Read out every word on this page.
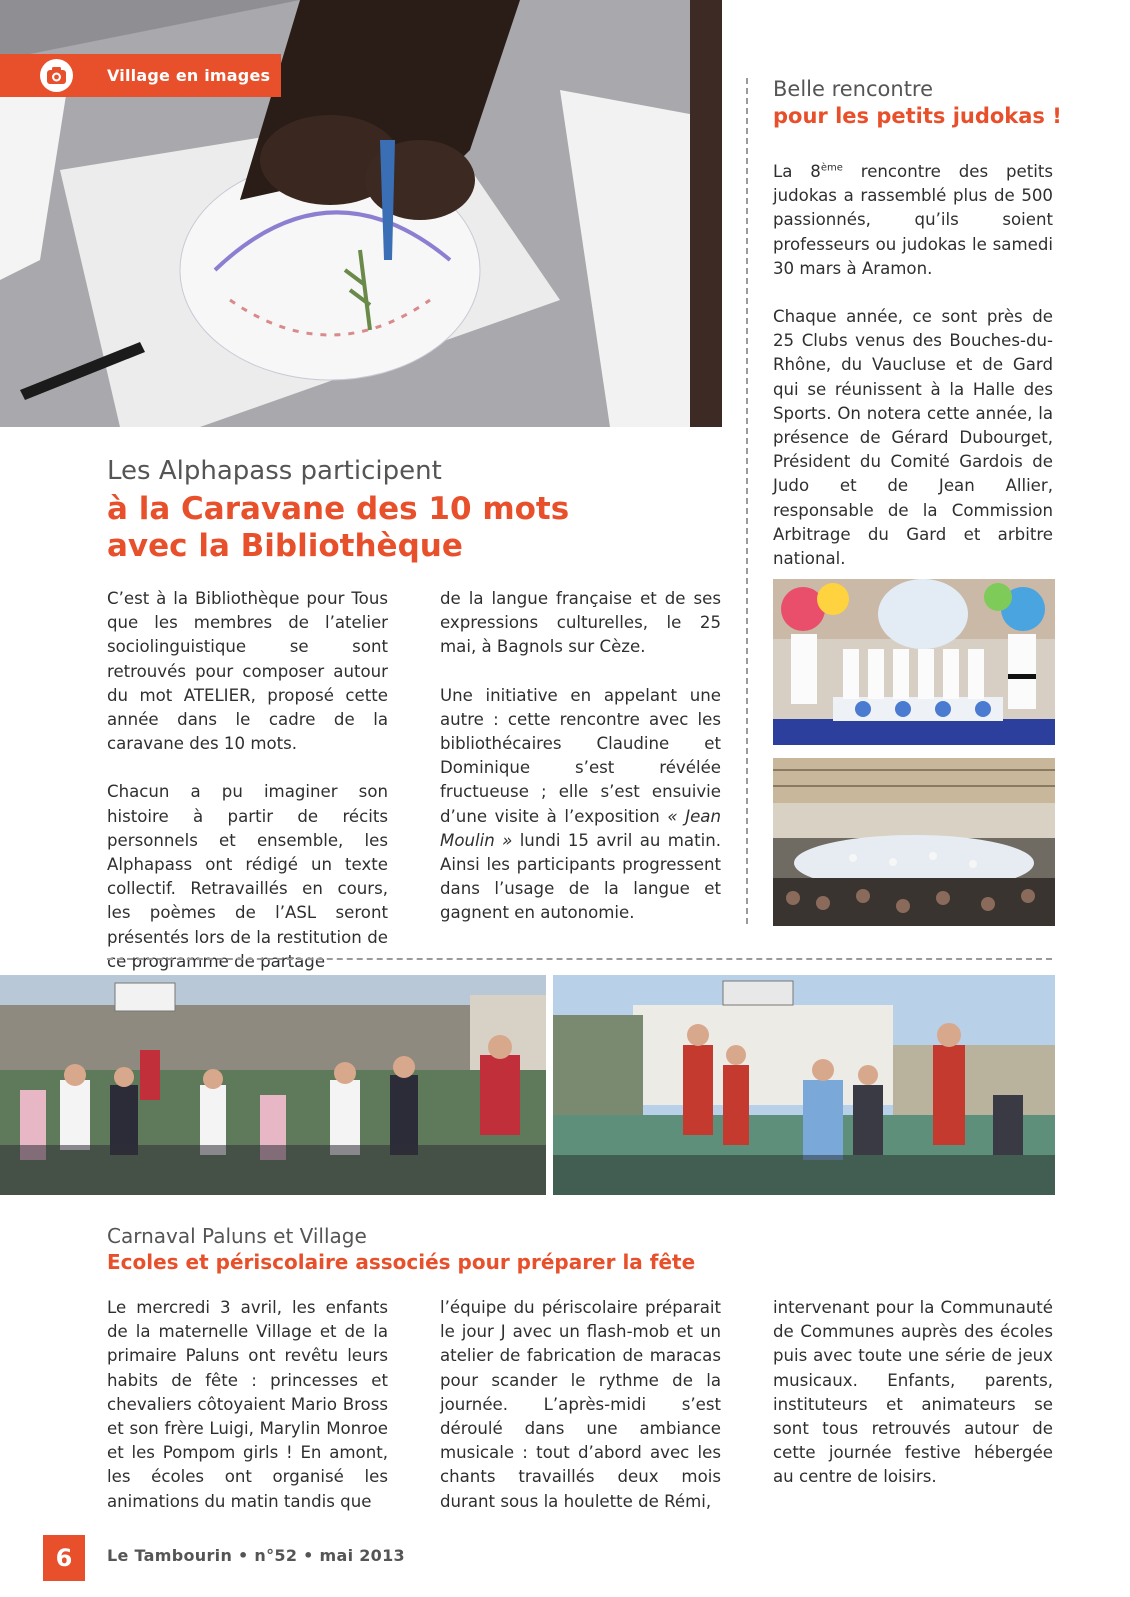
Village en images
Les Alphapass participent
à la Caravane des 10 mots
avec la Bibliothèque

C’est à la Bibliothèque pour Tous que les membres de l’atelier sociolinguistique se sont retrouvés pour composer autour du mot ATELIER, proposé cette année dans le cadre de la caravane des 10 mots.

Chacun a pu imaginer son histoire à partir de récits personnels et ensemble, les Alphapass ont rédigé un texte collectif. Retravaillés en cours, les poèmes de l’ASL seront présentés lors de la restitution de ce programme de partage

de la langue française et de ses expressions culturelles, le 25 mai, à Bagnols sur Cèze.

Une initiative en appelant une autre : cette rencontre avec les bibliothécaires Claudine et Dominique s’est révélée fructueuse ; elle s’est ensuivie d’une visite à l’exposition « Jean Moulin » lundi 15 avril au matin. Ainsi les participants progressent dans l’usage de la langue et gagnent en autonomie.

Belle rencontre
pour les petits judokas !

La 8ème rencontre des petits judokas a rassemblé plus de 500 passionnés, qu’ils soient professeurs ou judokas le samedi 30 mars à Aramon.

Chaque année, ce sont près de 25 Clubs venus des Bouches-du-Rhône, du Vaucluse et de Gard qui se réunissent à la Halle des Sports. On notera cette année, la présence de Gérard Dubourget, Président du Comité Gardois de Judo et de Jean Allier, responsable de la Commission Arbitrage du Gard et arbitre national.

Carnaval Paluns et Village
Ecoles et périscolaire associés pour préparer la fête

Le mercredi 3 avril, les enfants de la maternelle Village et de la primaire Paluns ont revêtu leurs habits de fête : princesses et chevaliers côtoyaient Mario Bross et son frère Luigi, Marylin Monroe et les Pompom girls ! En amont, les écoles ont organisé les animations du matin tandis que

l’équipe du périscolaire préparait le jour J avec un flash-mob et un atelier de fabrication de maracas pour scander le rythme de la journée. L’après-midi s’est déroulé dans une ambiance musicale : tout d’abord avec les chants travaillés deux mois durant sous la houlette de Rémi,

intervenant pour la Communauté de Communes auprès des écoles puis avec toute une série de jeux musicaux. Enfants, parents, instituteurs et animateurs se sont tous retrouvés autour de cette journée festive hébergée au centre de loisirs.

6	Le Tambourin • n°52 • mai 2013
